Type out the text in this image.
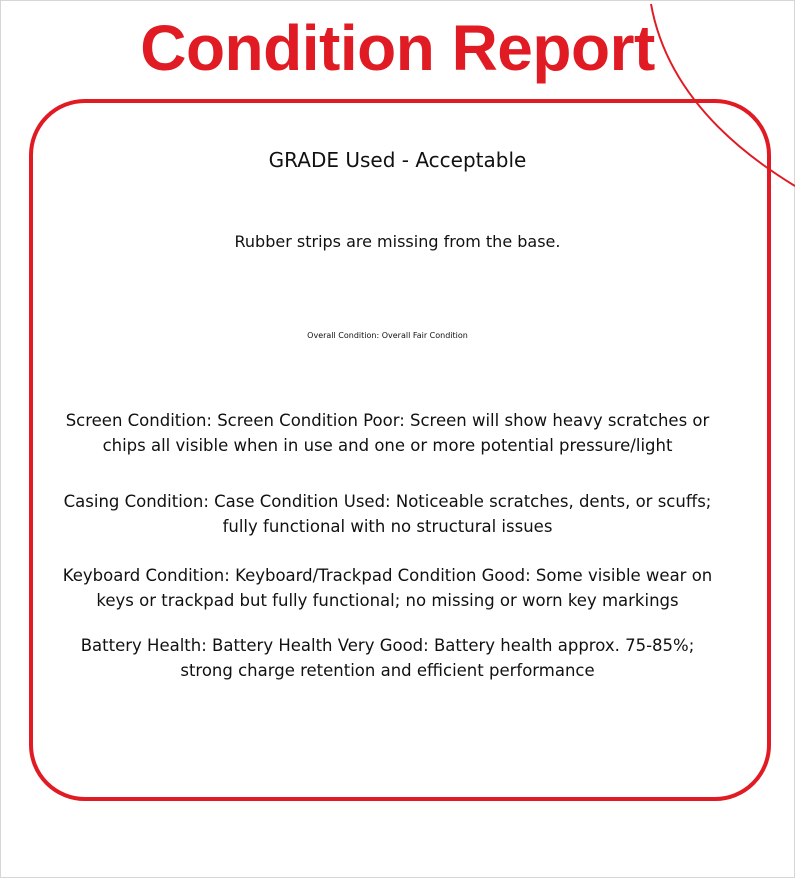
Condition Report
GRADE Used - Acceptable
Rubber strips are missing from the base.
Overall Condition: Overall Fair Condition
Screen Condition: Screen Condition Poor: Screen will show heavy scratches or chips all visible when in use and one or more potential pressure/light
Casing Condition: Case Condition Used: Noticeable scratches, dents, or scuffs; fully functional with no structural issues
Keyboard Condition: Keyboard/Trackpad Condition Good: Some visible wear on keys or trackpad but fully functional; no missing or worn key markings
Battery Health: Battery Health Very Good: Battery health approx. 75-85%; strong charge retention and efficient performance
